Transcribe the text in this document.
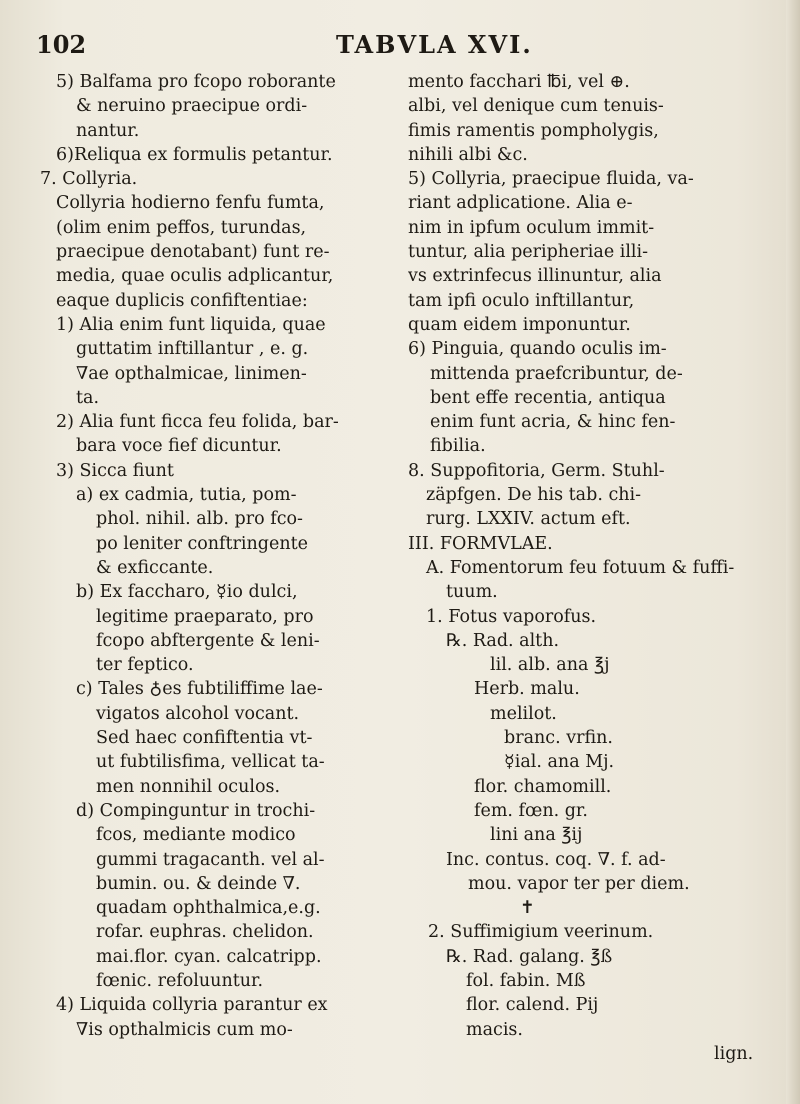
102	TABVLA XVI.
5) Balfama pro fcopo roborante
& neruino praecipue ordi-
nantur.
6)Reliqua ex formulis petantur.
7. Collyria.
Collyria hodierno fenfu fumta,
(olim enim peffos, turundas,
praecipue denotabant) funt re-
media, quae oculis adplicantur,
eaque duplicis confiftentiae:
1) Alia enim funt liquida, quae
guttatim inftillantur , e. g.
∇ae opthalmicae, linimen-
ta.
2) Alia funt ficca feu folida, bar-
bara voce fief dicuntur.
3) Sicca fiunt
a) ex cadmia, tutia, pom-
phol. nihil. alb. pro fco-
po leniter conftringente
& exficcante.
b) Ex faccharo, ☿io dulci,
legitime praeparato, pro
fcopo abftergente & leni-
ter feptico.
c) Tales ♁es fubtiliffime lae-
vigatos alcohol vocant.
Sed haec confiftentia vt-
ut fubtilisfima, vellicat ta-
men nonnihil oculos.
d) Compinguntur in trochi-
fcos, mediante modico
gummi tragacanth. vel al-
bumin. ou. & deinde ∇.
quadam ophthalmica,e.g.
rofar. euphras. chelidon.
mai.flor. cyan. calcatripp.
fœnic. refoluuntur.
4) Liquida collyria parantur ex
∇is opthalmicis cum mo-
mento facchari ℔i, vel ⊕.
albi, vel denique cum tenuis-
fimis ramentis pompholygis,
nihili albi &c.
5) Collyria, praecipue fluida, va-
riant adplicatione. Alia e-
nim in ipfum oculum immit-
tuntur, alia peripheriae illi-
vs extrinfecus illinuntur, alia
tam ipfi oculo inftillantur,
quam eidem imponuntur.
6) Pinguia, quando oculis im-
mittenda praefcribuntur, de-
bent effe recentia, antiqua
enim funt acria, & hinc fen-
fibilia.
8. Suppofitoria, Germ. Stuhl-
zäpfgen. De his tab. chi-
rurg. LXXIV. actum eft.
III. FORMVLAE.
A. Fomentorum feu fotuum & fuffi-
tuum.
1. Fotus vaporofus.
℞. Rad. alth.
lil. alb. ana ℥j
Herb. malu.
melilot.
branc. vrfin.
☿ial. ana Mj.
flor. chamomill.
fem. fœn. gr.
lini ana ℥ij
Inc. contus. coq. ∇. f. ad-
mou. vapor ter per diem.
✝
2. Suffimigium veerinum.
℞. Rad. galang. ℥ß
fol. fabin. Mß
flor. calend. Pij
macis.
lign.
